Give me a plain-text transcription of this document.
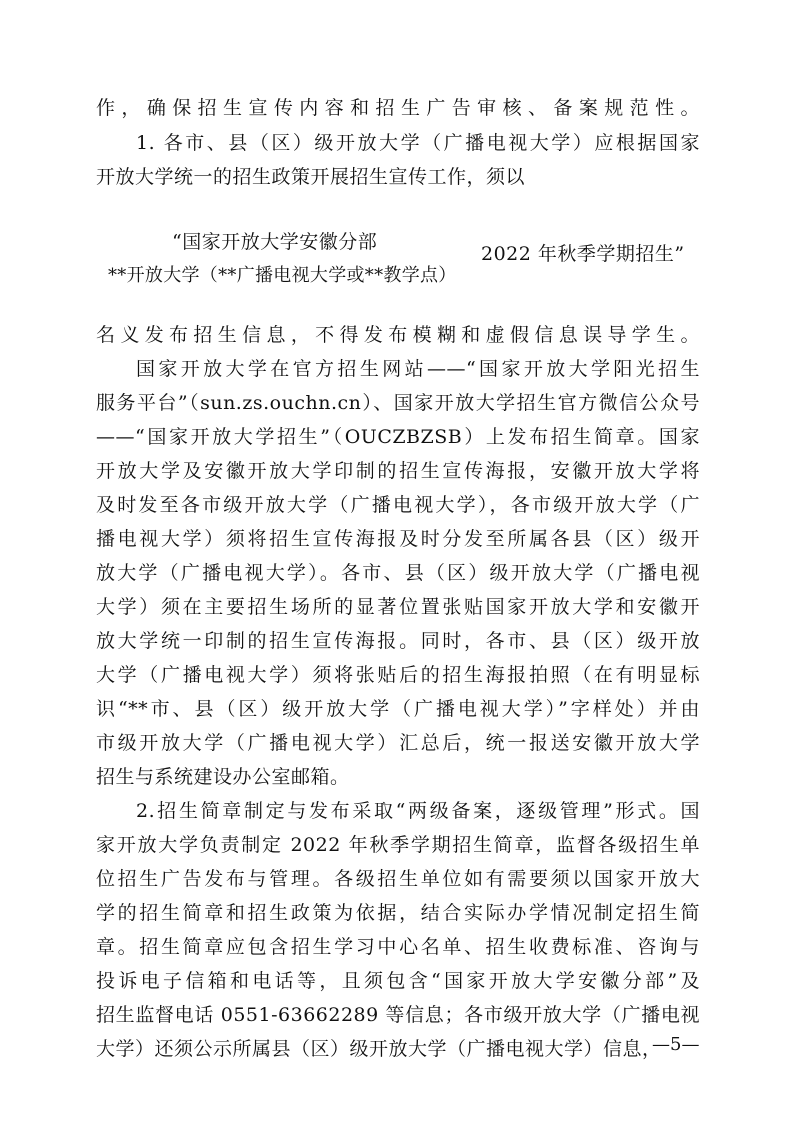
作，确保招生宣传内容和招生广告审核、备案规范性。
1. 各市、县（区）级开放大学（广播电视大学）应根据国家
开放大学统一的招生政策开展招生宣传工作，须以
“国家开放大学安徽分部
**开放大学（**广播电视大学或**教学点）
2022 年秋季学期招生”
名义发布招生信息，不得发布模糊和虚假信息误导学生。
国家开放大学在官方招生网站——“国家开放大学阳光招生
服务平台”（sun.zs.ouchn.cn）、国家开放大学招生官方微信公众号
——“国家开放大学招生”（OUCZBZSB）上发布招生简章。国家
开放大学及安徽开放大学印制的招生宣传海报，安徽开放大学将
及时发至各市级开放大学（广播电视大学），各市级开放大学（广
播电视大学）须将招生宣传海报及时分发至所属各县（区）级开
放大学（广播电视大学）。各市、县（区）级开放大学（广播电视
大学）须在主要招生场所的显著位置张贴国家开放大学和安徽开
放大学统一印制的招生宣传海报。同时，各市、县（区）级开放
大学（广播电视大学）须将张贴后的招生海报拍照（在有明显标
识“**市、县（区）级开放大学（广播电视大学）”字样处）并由
市级开放大学（广播电视大学）汇总后，统一报送安徽开放大学
招生与系统建设办公室邮箱。
2.招生简章制定与发布采取“两级备案，逐级管理”形式。国
家开放大学负责制定 2022 年秋季学期招生简章，监督各级招生单
位招生广告发布与管理。各级招生单位如有需要须以国家开放大
学的招生简章和招生政策为依据，结合实际办学情况制定招生简
章。招生简章应包含招生学习中心名单、招生收费标准、咨询与
投诉电子信箱和电话等，且须包含“国家开放大学安徽分部”及
招生监督电话 0551-63662289 等信息；各市级开放大学（广播电视
大学）还须公示所属县（区）级开放大学（广播电视大学）信息，
—5—
